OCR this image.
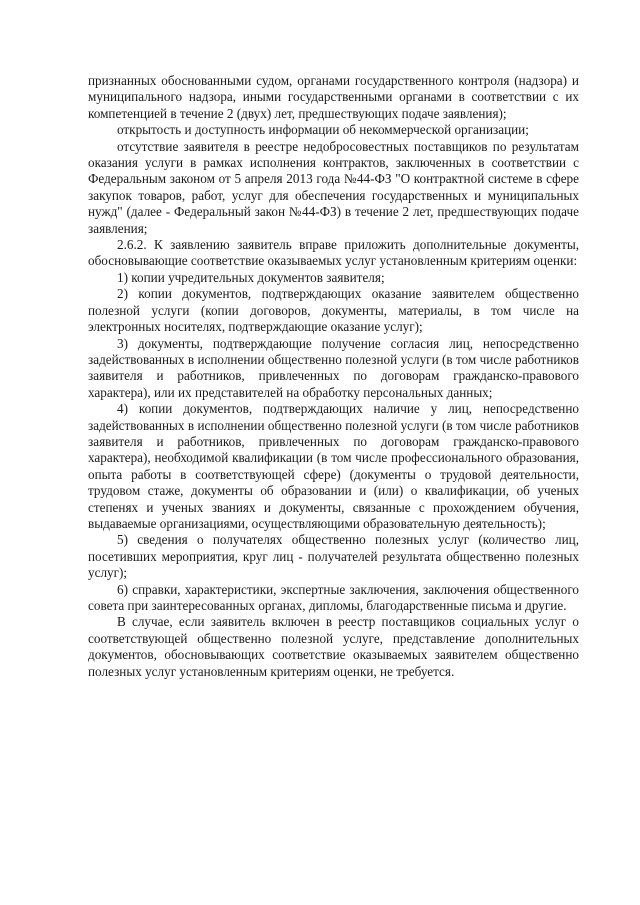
признанных обоснованными судом, органами государственного контроля (надзора) и муниципального надзора, иными государственными органами в соответствии с их компетенцией в течение 2 (двух) лет, предшествующих подаче заявления);

открытость и доступность информации об некоммерческой организации;

отсутствие заявителя в реестре недобросовестных поставщиков по результатам оказания услуги в рамках исполнения контрактов, заключенных в соответствии с Федеральным законом от 5 апреля 2013 года №44-ФЗ "О контрактной системе в сфере закупок товаров, работ, услуг для обеспечения государственных и муниципальных нужд" (далее - Федеральный закон №44-ФЗ) в течение 2 лет, предшествующих подаче заявления;

2.6.2. К заявлению заявитель вправе приложить дополнительные документы, обосновывающие соответствие оказываемых услуг установленным критериям оценки:

1) копии учредительных документов заявителя;

2) копии документов, подтверждающих оказание заявителем общественно полезной услуги (копии договоров, документы, материалы, в том числе на электронных носителях, подтверждающие оказание услуг);

3) документы, подтверждающие получение согласия лиц, непосредственно задействованных в исполнении общественно полезной услуги (в том числе работников заявителя и работников, привлеченных по договорам гражданско-правового характера), или их представителей на обработку персональных данных;

4) копии документов, подтверждающих наличие у лиц, непосредственно задействованных в исполнении общественно полезной услуги (в том числе работников заявителя и работников, привлеченных по договорам гражданско-правового характера), необходимой квалификации (в том числе профессионального образования, опыта работы в соответствующей сфере) (документы о трудовой деятельности, трудовом стаже, документы об образовании и (или) о квалификации, об ученых степенях и ученых званиях и документы, связанные с прохождением обучения, выдаваемые организациями, осуществляющими образовательную деятельность);

5) сведения о получателях общественно полезных услуг (количество лиц, посетивших мероприятия, круг лиц - получателей результата общественно полезных услуг);

6) справки, характеристики, экспертные заключения, заключения общественного совета при заинтересованных органах, дипломы, благодарственные письма и другие.

В случае, если заявитель включен в реестр поставщиков социальных услуг о соответствующей общественно полезной услуге, представление дополнительных документов, обосновывающих соответствие оказываемых заявителем общественно полезных услуг установленным критериям оценки, не требуется.
